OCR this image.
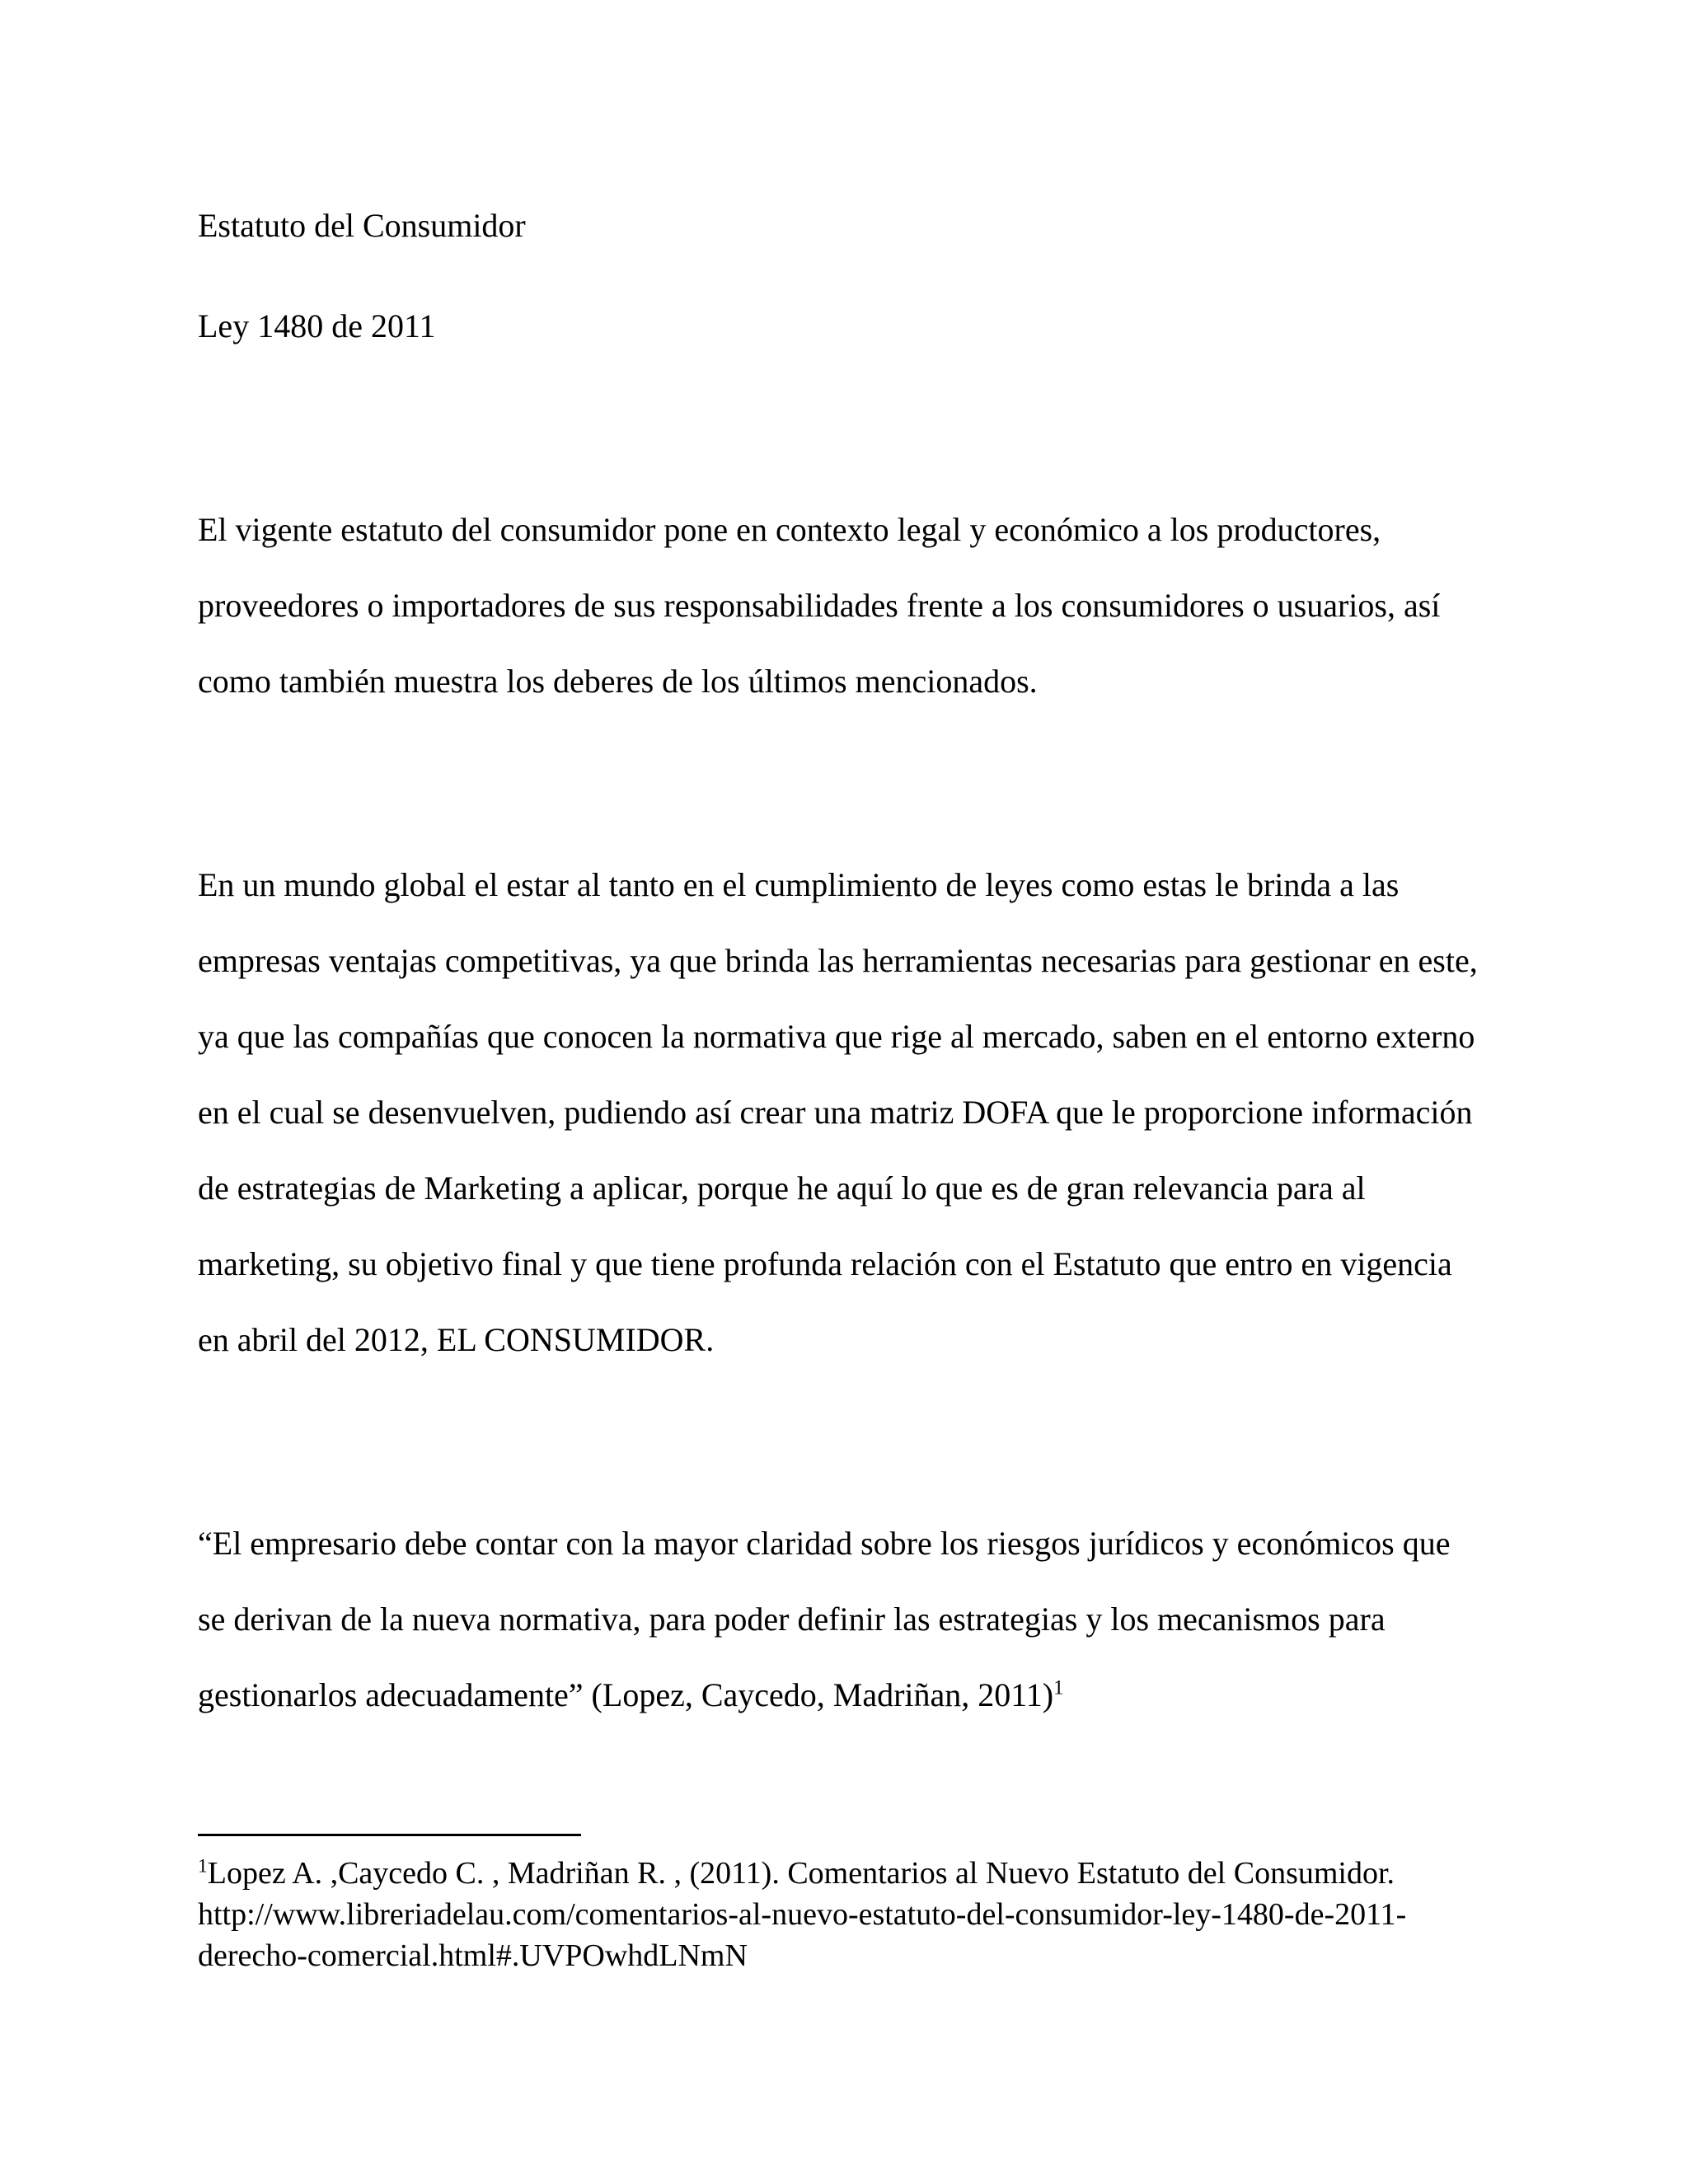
Estatuto del Consumidor

Ley 1480 de 2011

El vigente estatuto del consumidor pone en contexto legal y económico a los productores, proveedores o importadores de sus responsabilidades frente a los consumidores o usuarios, así como también muestra los deberes de los últimos mencionados.

En un mundo global el estar al tanto en el cumplimiento de leyes como estas le brinda a las empresas ventajas competitivas, ya que brinda las herramientas necesarias para gestionar en este, ya que las compañías que conocen la normativa que rige al mercado, saben en el entorno externo en el cual se desenvuelven, pudiendo así crear una matriz DOFA que le proporcione información de estrategias de Marketing a aplicar, porque he aquí lo que es de gran relevancia para al marketing, su objetivo final y que tiene profunda relación con el Estatuto que entro en vigencia en abril del 2012, EL CONSUMIDOR.

“El empresario debe contar con la mayor claridad sobre los riesgos jurídicos y económicos que se derivan de la nueva normativa, para poder definir las estrategias y los mecanismos para gestionarlos adecuadamente” (Lopez, Caycedo, Madriñan, 2011)$^1$

$^1$Lopez A. ,Caycedo C. , Madriñan R. , (2011). Comentarios al Nuevo Estatuto del Consumidor. http://www.libreriadelau.com/comentarios-al-nuevo-estatuto-del-consumidor-ley-1480-de-2011-derecho-comercial.html#.UVPOwhdLNmN
